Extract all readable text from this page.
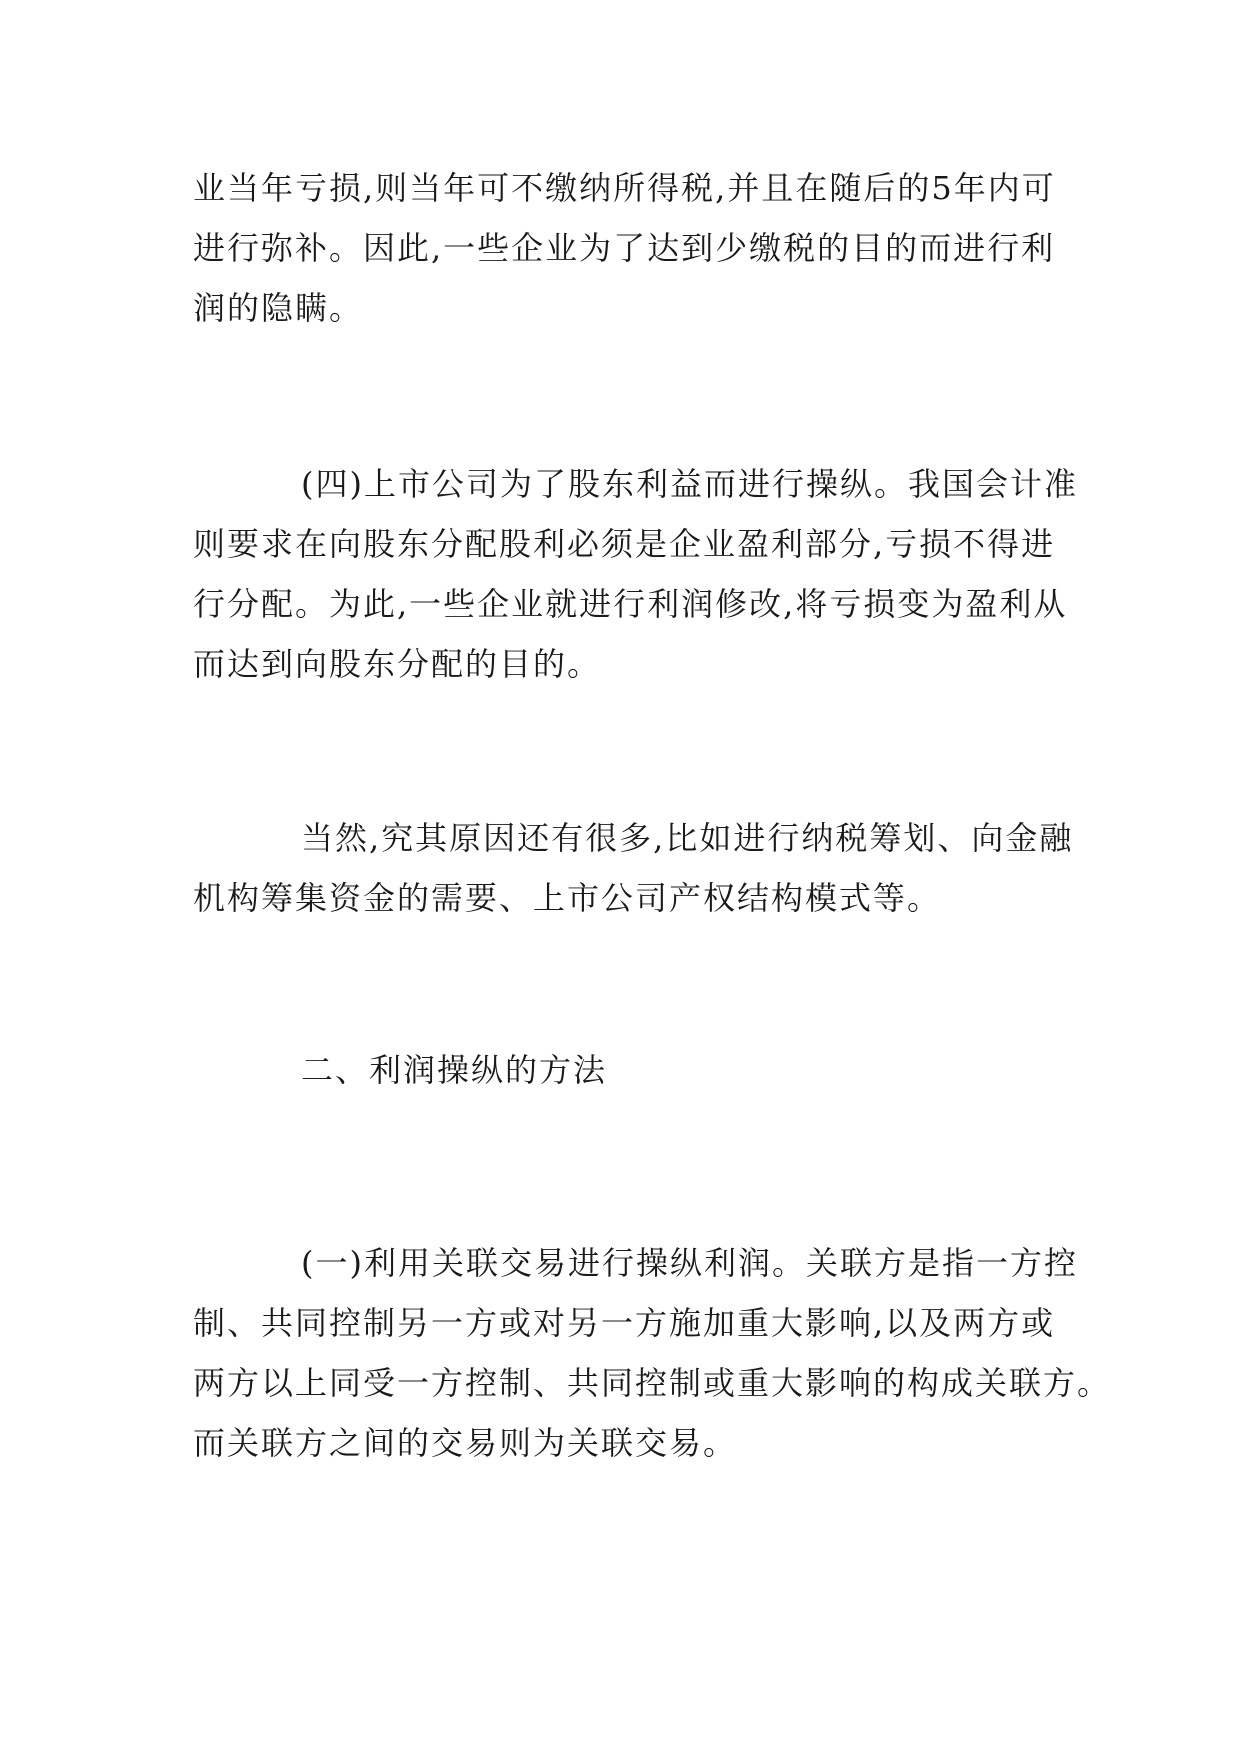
业当年亏损,则当年可不缴纳所得税,并且在随后的5年内可
进行弥补。因此,一些企业为了达到少缴税的目的而进行利
润的隐瞒。

(四)上市公司为了股东利益而进行操纵。我国会计准
则要求在向股东分配股利必须是企业盈利部分,亏损不得进
行分配。为此,一些企业就进行利润修改,将亏损变为盈利从
而达到向股东分配的目的。

当然,究其原因还有很多,比如进行纳税筹划、向金融
机构筹集资金的需要、上市公司产权结构模式等。

二、利润操纵的方法

(一)利用关联交易进行操纵利润。关联方是指一方控
制、共同控制另一方或对另一方施加重大影响,以及两方或
两方以上同受一方控制、共同控制或重大影响的构成关联方。
而关联方之间的交易则为关联交易。
